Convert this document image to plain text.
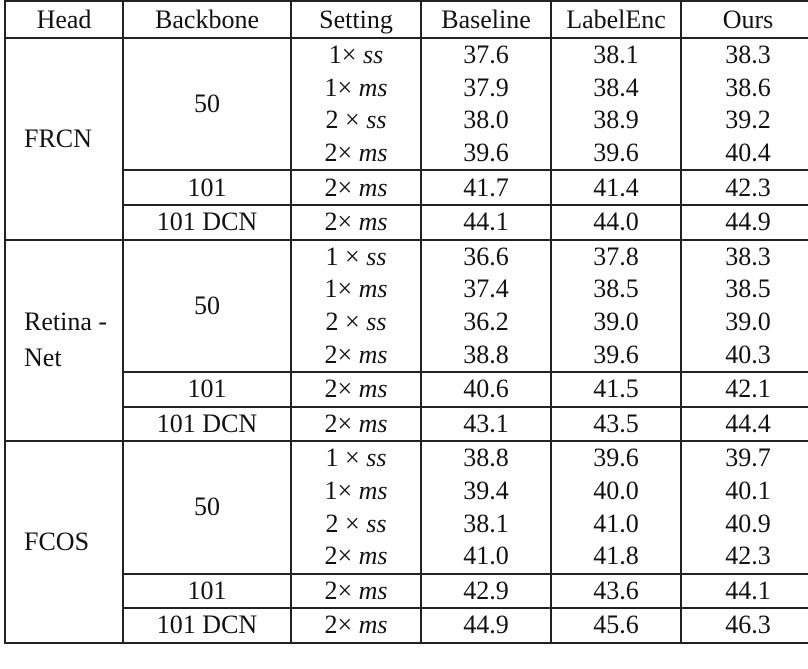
Head	Backbone	Setting	Baseline	LabelEnc	Ours
FRCN	50	1× ss	37.6	38.1	38.3
		1× ms	37.9	38.4	38.6
		2 × ss	38.0	38.9	39.2
		2× ms	39.6	39.6	40.4
	101	2× ms	41.7	41.4	42.3
	101 DCN	2× ms	44.1	44.0	44.9
Retina -Net	50	1 × ss	36.6	37.8	38.3
		1× ms	37.4	38.5	38.5
		2 × ss	36.2	39.0	39.0
		2× ms	38.8	39.6	40.3
	101	2× ms	40.6	41.5	42.1
	101 DCN	2× ms	43.1	43.5	44.4
FCOS	50	1 × ss	38.8	39.6	39.7
		1× ms	39.4	40.0	40.1
		2 × ss	38.1	41.0	40.9
		2× ms	41.0	41.8	42.3
	101	2× ms	42.9	43.6	44.1
	101 DCN	2× ms	44.9	45.6	46.3
